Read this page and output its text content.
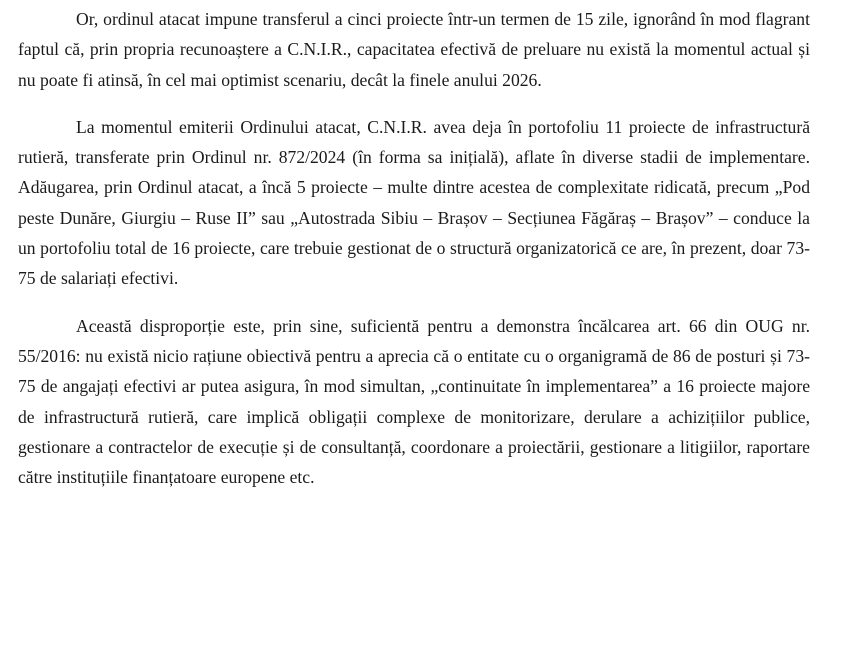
Or, ordinul atacat impune transferul a cinci proiecte într-un termen de 15 zile, ignorând în mod flagrant faptul că, prin propria recunoaștere a C.N.I.R., capacitatea efectivă de preluare nu există la momentul actual și nu poate fi atinsă, în cel mai optimist scenariu, decât la finele anului 2026.

La momentul emiterii Ordinului atacat, C.N.I.R. avea deja în portofoliu 11 proiecte de infrastructură rutieră, transferate prin Ordinul nr. 872/2024 (în forma sa inițială), aflate în diverse stadii de implementare. Adăugarea, prin Ordinul atacat, a încă 5 proiecte – multe dintre acestea de complexitate ridicată, precum „Pod peste Dunăre, Giurgiu – Ruse II” sau „Autostrada Sibiu – Brașov – Secțiunea Făgăraș – Brașov” – conduce la un portofoliu total de 16 proiecte, care trebuie gestionat de o structură organizatorică ce are, în prezent, doar 73-75 de salariați efectivi.

Această disproporție este, prin sine, suficientă pentru a demonstra încălcarea art. 66 din OUG nr. 55/2016: nu există nicio rațiune obiectivă pentru a aprecia că o entitate cu o organigramă de 86 de posturi și 73-75 de angajați efectivi ar putea asigura, în mod simultan, „continuitate în implementarea” a 16 proiecte majore de infrastructură rutieră, care implică obligații complexe de monitorizare, derulare a achizițiilor publice, gestionare a contractelor de execuție și de consultanță, coordonare a proiectării, gestionare a litigiilor, raportare către instituțiile finanțatoare europene etc.
